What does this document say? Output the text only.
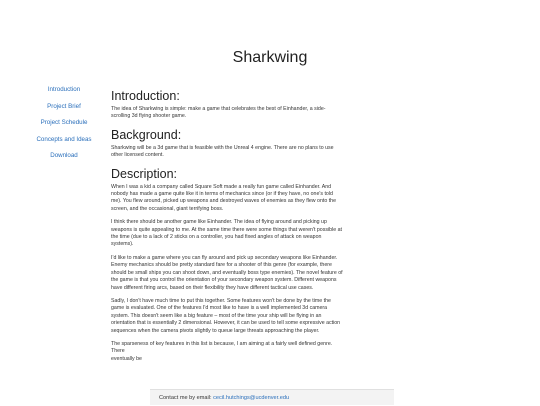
Sharkwing
Introduction
Project Brief
Project Schedule
Concepts and Ideas
Download
Introduction:

The idea of Sharkwing is simple: make a game that celebrates the best of Einhander, a side-scrolling 3d flying shooter game.

Background:

Sharkwing will be a 3d game that is feasible with the Unreal 4 engine. There are no plans to use other licensed content.

Description:

When I was a kid a company called Square Soft made a really fun game called Einhander. And nobody has made a game quite like it in terms of mechanics since (or if they have, no one's told me). You flew around, picked up weapons and destroyed waves of enemies as they flew onto the screen, and the occasional, giant terrifying boss.

I think there should be another game like Einhander. The idea of flying around and picking up weapons is quite appealing to me. At the same time there were some things that weren't possible at the time (due to a lack of 2 sticks on a controller, you had fixed angles of attack on weapon systems).

I'd like to make a game where you can fly around and pick up secondary weapons like Einhander. Enemy mechanics should be pretty standard fare for a shooter of this genre (for example, there should be small ships you can shoot down, and eventually boss type enemies). The novel feature of the game is that you control the orientation of your secondary weapon system. Different weapons have different firing arcs, based on their flexibility they have different tactical use cases.

Sadly, I don't have much time to put this together. Some features won't be done by the time the game is evaluated. One of the features I'd most like to have is a well implemented 3d camera system. This doesn't seem like a big feature – most of the time your ship will be flying in an orientation that is essentially 2 dimensional. However, it can be used to tell some expressive action sequences when the camera pivots slightly to queue large threats approaching the player.

The sparseness of key features in this list is because, I am aiming at a fairly well defined genre. There

eventually be

Contact me by email: cecil.hutchings@ucdenver.edu
